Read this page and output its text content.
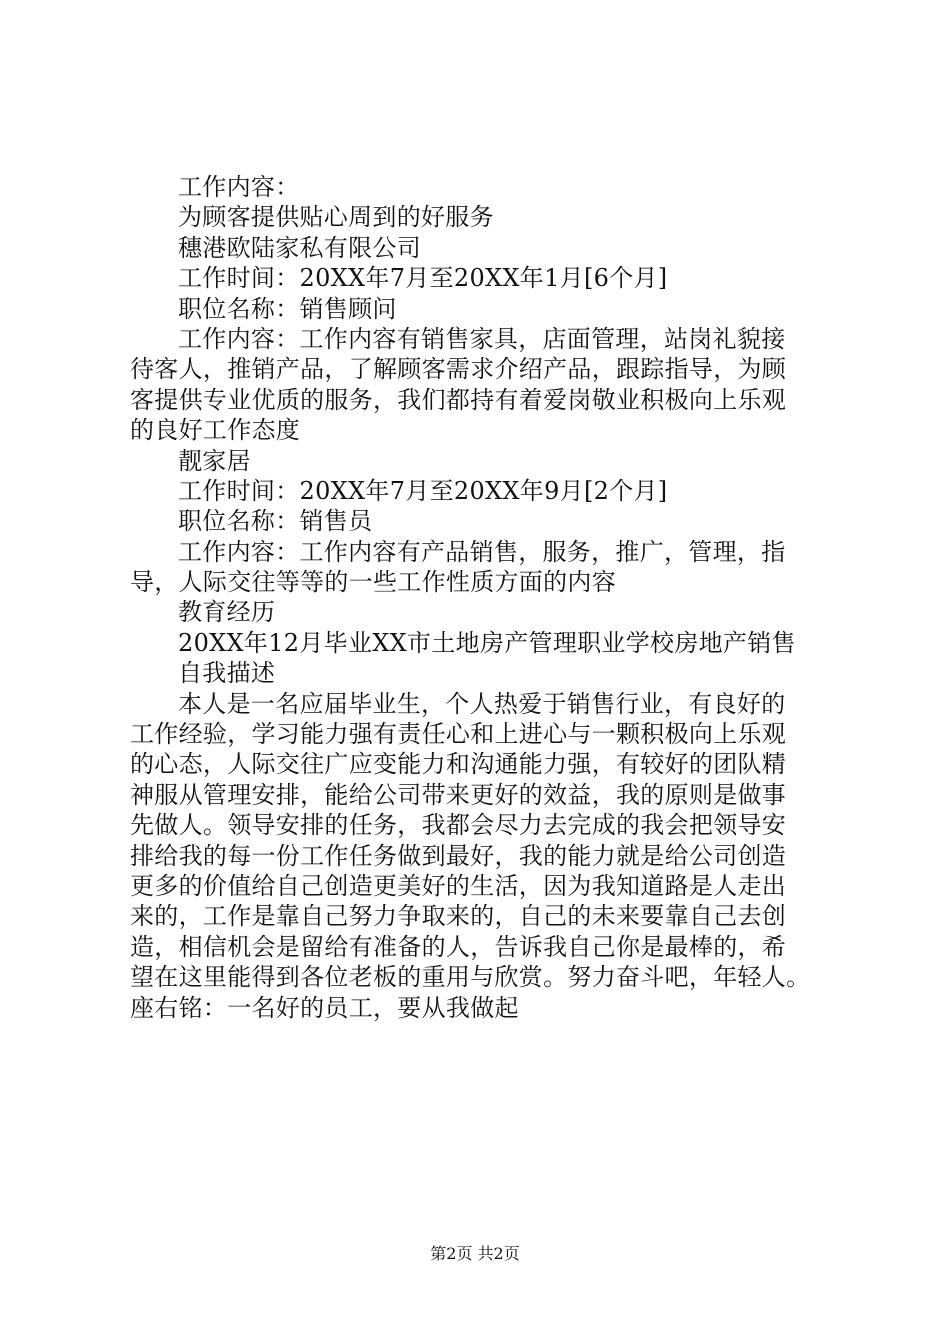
工作内容：
为顾客提供贴心周到的好服务
穗港欧陆家私有限公司
工作时间：20XX年7月至20XX年1月[6个月]
职位名称：销售顾问
工作内容：工作内容有销售家具，店面管理，站岗礼貌接
待客人，推销产品，了解顾客需求介绍产品，跟踪指导，为顾
客提供专业优质的服务，我们都持有着爱岗敬业积极向上乐观
的良好工作态度
靓家居
工作时间：20XX年7月至20XX年9月[2个月]
职位名称：销售员
工作内容：工作内容有产品销售，服务，推广，管理，指
导，人际交往等等的一些工作性质方面的内容
教育经历
20XX年12月毕业XX市土地房产管理职业学校房地产销售
自我描述
本人是一名应届毕业生，个人热爱于销售行业，有良好的
工作经验，学习能力强有责任心和上进心与一颗积极向上乐观
的心态，人际交往广应变能力和沟通能力强，有较好的团队精
神服从管理安排，能给公司带来更好的效益，我的原则是做事
先做人。领导安排的任务，我都会尽力去完成的我会把领导安
排给我的每一份工作任务做到最好，我的能力就是给公司创造
更多的价值给自己创造更美好的生活，因为我知道路是人走出
来的，工作是靠自己努力争取来的，自己的未来要靠自己去创
造，相信机会是留给有准备的人，告诉我自己你是最棒的，希
望在这里能得到各位老板的重用与欣赏。努力奋斗吧，年轻人。
座右铭：一名好的员工，要从我做起
第2页 共2页
